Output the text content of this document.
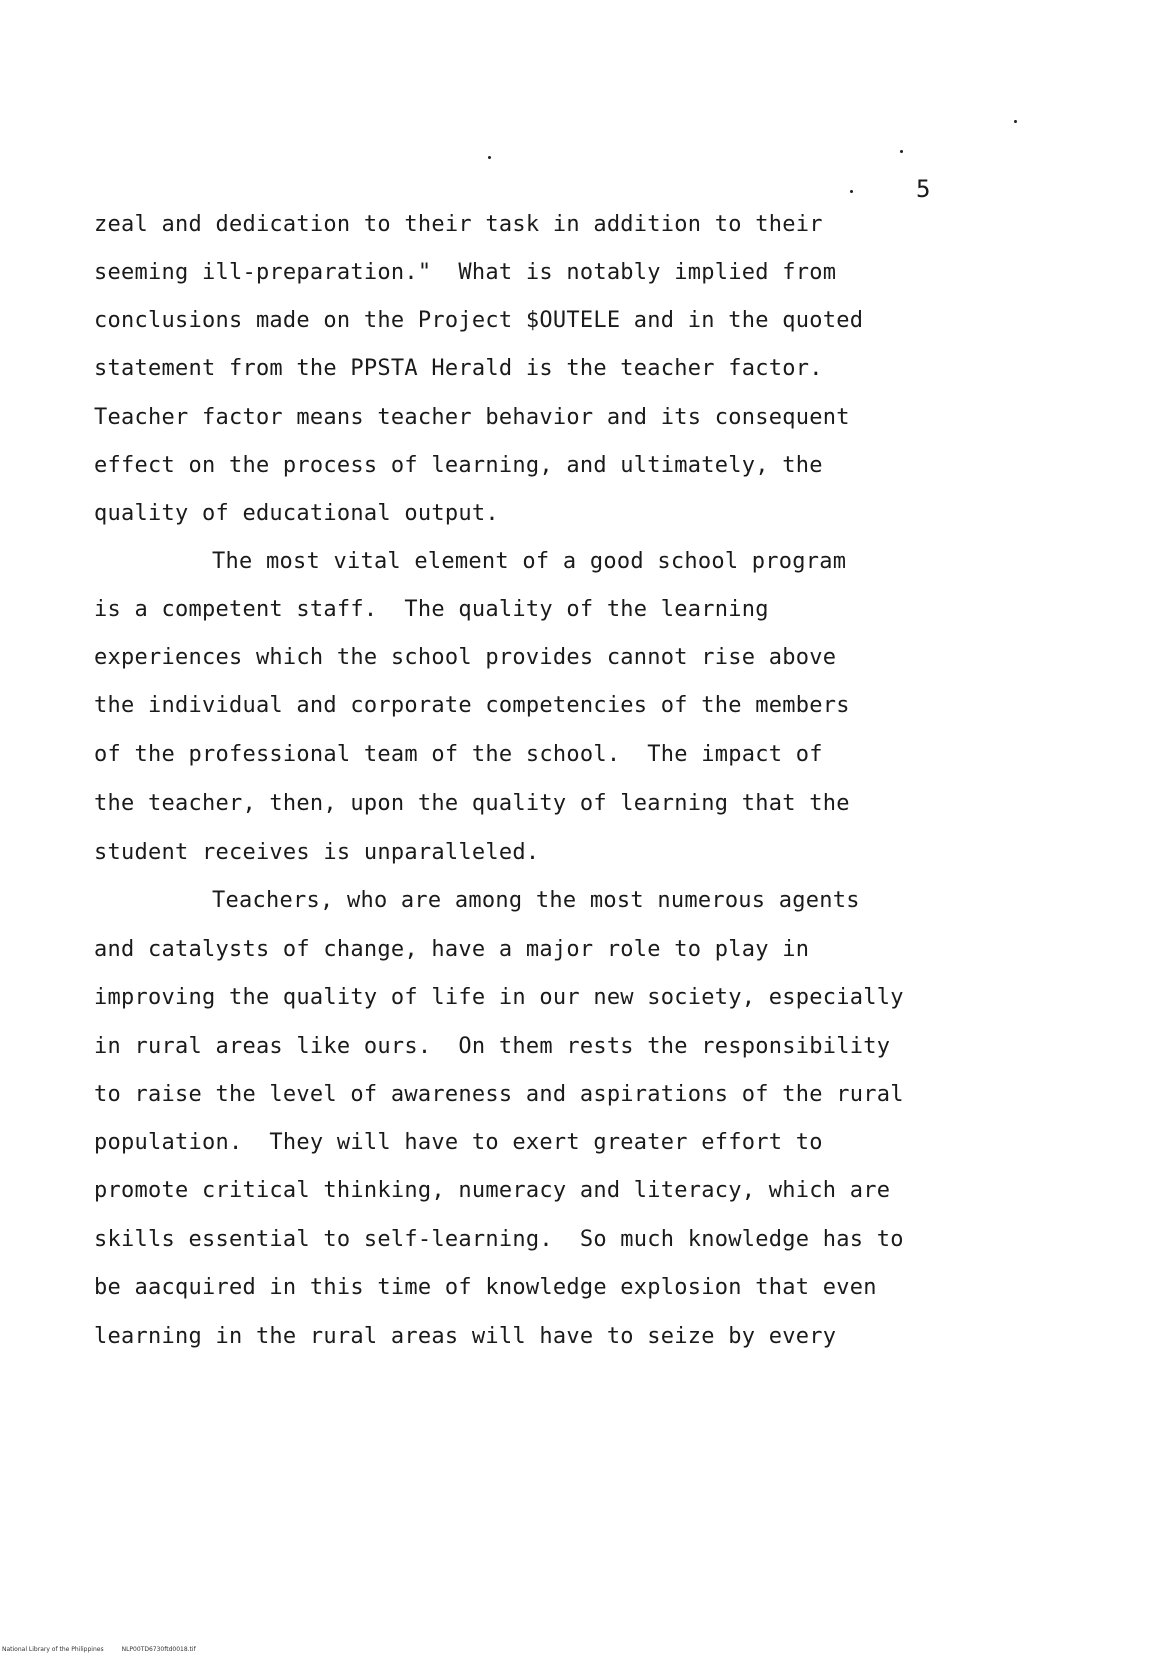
5
zeal and dedication to their task in addition to their
seeming ill-preparation."  What is notably implied from
conclusions made on the Project $OUTELE and in the quoted
statement from the PPSTA Herald is the teacher factor.
Teacher factor means teacher behavior and its consequent
effect on the process of learning, and ultimately, the
quality of educational output.
The most vital element of a good school program
is a competent staff.  The quality of the learning
experiences which the school provides cannot rise above
the individual and corporate competencies of the members
of the professional team of the school.  The impact of
the teacher, then, upon the quality of learning that the
student receives is unparalleled.
Teachers, who are among the most numerous agents
and catalysts of change, have a major role to play in
improving the quality of life in our new society, especially
in rural areas like ours.  On them rests the responsibility
to raise the level of awareness and aspirations of the rural
population.  They will have to exert greater effort to
promote critical thinking, numeracy and literacy, which are
skills essential to self-learning.  So much knowledge has to
be aacquired in this time of knowledge explosion that even
learning in the rural areas will have to seize by every
National Library of the Philippines	NLP00TD6730ftd0018.tif
